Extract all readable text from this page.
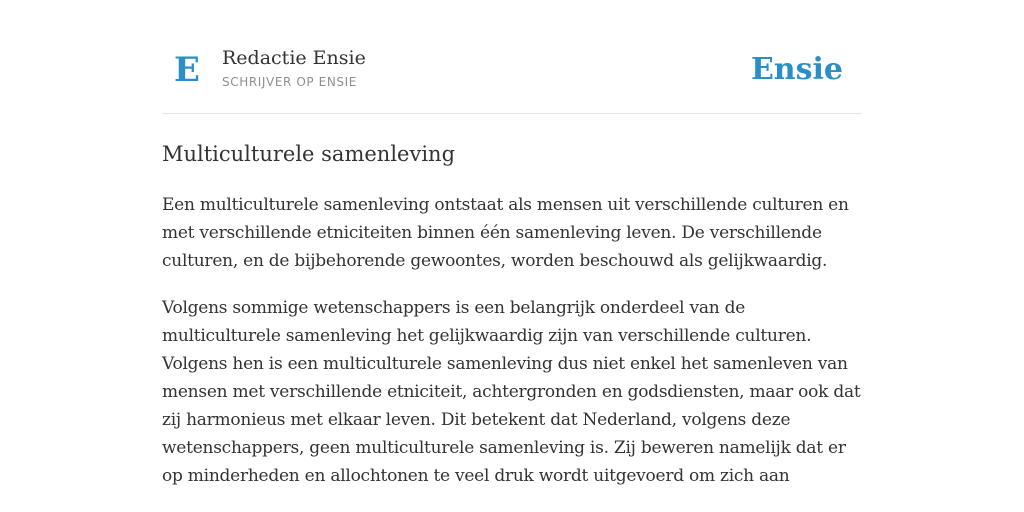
E Redactie Ensie
SCHRIJVER OP ENSIE	Ensie
Multiculturele samenleving

Een multiculturele samenleving ontstaat als mensen uit verschillende culturen en met verschillende etniciteiten binnen één samenleving leven. De verschillende culturen, en de bijbehorende gewoontes, worden beschouwd als gelijkwaardig.

Volgens sommige wetenschappers is een belangrijk onderdeel van de multiculturele samenleving het gelijkwaardig zijn van verschillende culturen. Volgens hen is een multiculturele samenleving dus niet enkel het samenleven van mensen met verschillende etniciteit, achtergronden en godsdiensten, maar ook dat zij harmonieus met elkaar leven. Dit betekent dat Nederland, volgens deze wetenschappers, geen multiculturele samenleving is. Zij beweren namelijk dat er op minderheden en allochtonen te veel druk wordt uitgevoerd om zich aan
